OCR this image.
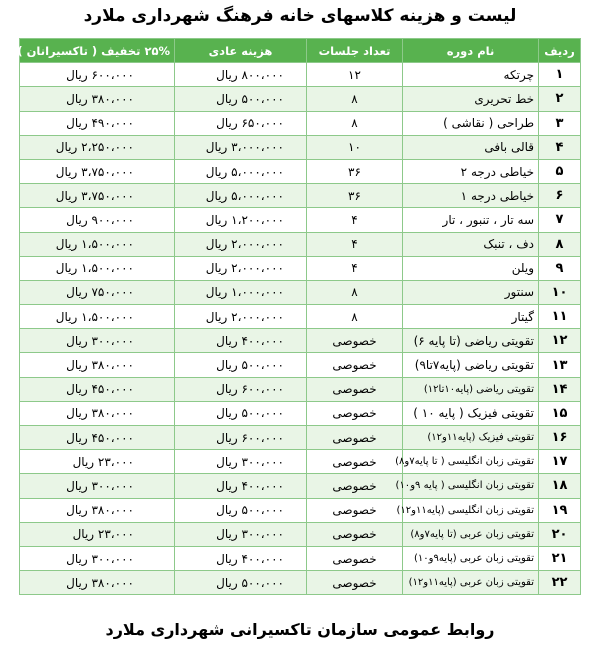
لیست و هزینه کلاسهای خانه فرهنگ شهرداری ملارد
ردیف	نام دوره	تعداد جلسات	هزینه عادی	۲۵% تخفیف ( تاکسیرانان )
۱	چرتکه	۱۲	۸۰۰،۰۰۰ ریال	۶۰۰،۰۰۰ ریال
۲	خط تحریری	۸	۵۰۰،۰۰۰ ریال	۳۸۰،۰۰۰ ریال
۳	طراحی ( نقاشی )	۸	۶۵۰،۰۰۰ ریال	۴۹۰،۰۰۰ ریال
۴	قالی بافی	۱۰	۳،۰۰۰،۰۰۰ ریال	۲،۲۵۰،۰۰۰ ریال
۵	خیاطی درجه ۲	۳۶	۵،۰۰۰،۰۰۰ ریال	۳،۷۵۰،۰۰۰ ریال
۶	خیاطی درجه ۱	۳۶	۵،۰۰۰،۰۰۰ ریال	۳،۷۵۰،۰۰۰ ریال
۷	سه تار ، تنبور ، تار	۴	۱،۲۰۰،۰۰۰ ریال	۹۰۰،۰۰۰ ریال
۸	دف ، تنبک	۴	۲،۰۰۰،۰۰۰ ریال	۱،۵۰۰،۰۰۰ ریال
۹	ویلن	۴	۲،۰۰۰،۰۰۰ ریال	۱،۵۰۰،۰۰۰ ریال
۱۰	سنتور	۸	۱،۰۰۰،۰۰۰ ریال	۷۵۰،۰۰۰ ریال
۱۱	گیتار	۸	۲،۰۰۰،۰۰۰ ریال	۱،۵۰۰،۰۰۰ ریال
۱۲	تقویتی ریاضی (تا پایه ۶)	خصوصی	۴۰۰،۰۰۰ ریال	۳۰۰،۰۰۰ ریال
۱۳	تقویتی ریاضی (پایه۷تا۹)	خصوصی	۵۰۰،۰۰۰ ریال	۳۸۰،۰۰۰ ریال
۱۴	تقویتی ریاضی (پایه۱۰تا۱۲)	خصوصی	۶۰۰،۰۰۰ ریال	۴۵۰،۰۰۰ ریال
۱۵	تقویتی فیزیک ( پایه ۱۰ )	خصوصی	۵۰۰،۰۰۰ ریال	۳۸۰،۰۰۰ ریال
۱۶	تقویتی فیزیک (پایه۱۱و۱۲)	خصوصی	۶۰۰،۰۰۰ ریال	۴۵۰،۰۰۰ ریال
۱۷	تقویتی زبان انگلیسی ( تا پایه۷و۸)	خصوصی	۳۰۰،۰۰۰ ریال	۲۳،۰۰۰ ریال
۱۸	تقویتی زبان انگلیسی ( پایه ۹و۱۰)	خصوصی	۴۰۰،۰۰۰ ریال	۳۰۰،۰۰۰ ریال
۱۹	تقویتی زبان انگلیسی (پایه۱۱و۱۲)	خصوصی	۵۰۰،۰۰۰ ریال	۳۸۰،۰۰۰ ریال
۲۰	تقویتی زبان عربی (تا پایه۷و۸)	خصوصی	۳۰۰،۰۰۰ ریال	۲۳،۰۰۰ ریال
۲۱	تقویتی زبان عربی (پایه۹و۱۰)	خصوصی	۴۰۰،۰۰۰ ریال	۳۰۰،۰۰۰ ریال
۲۲	تقویتی زبان عربی (پایه۱۱و۱۲)	خصوصی	۵۰۰،۰۰۰ ریال	۳۸۰،۰۰۰ ریال
روابط عمومی سازمان تاکسیرانی شهرداری ملارد
